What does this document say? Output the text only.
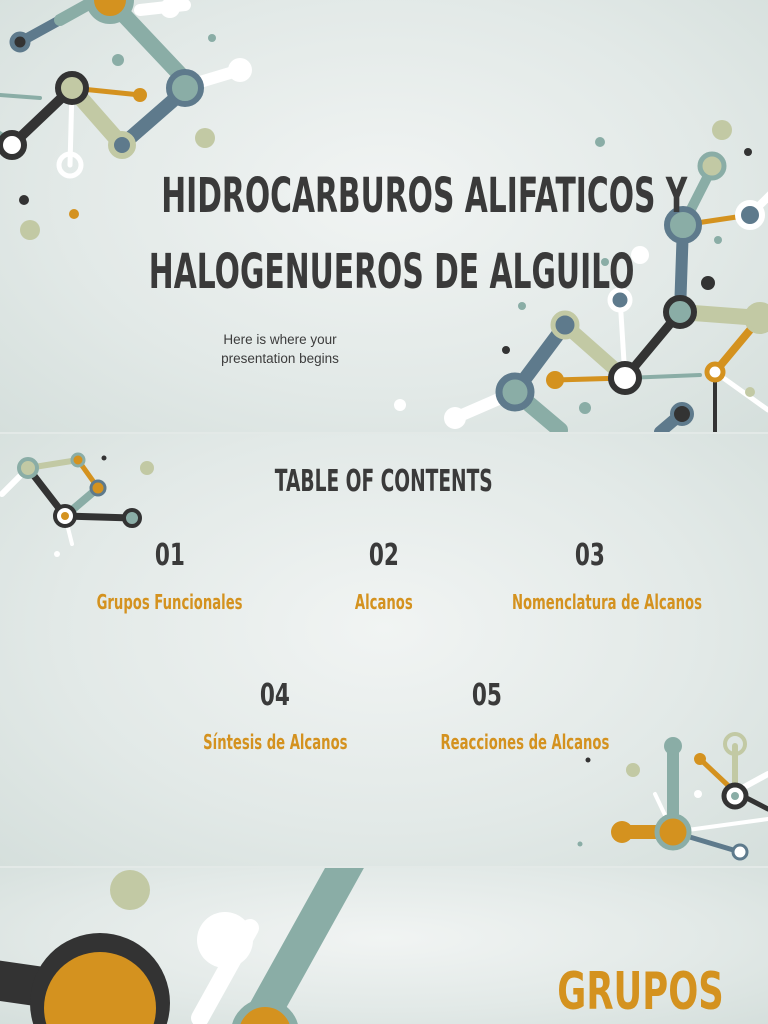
HIDROCARBUROS ALIFATICOS Y
HALOGENUEROS DE ALGUILO
Here is where your
presentation begins
TABLE OF CONTENTS
01
Grupos Funcionales
02
Alcanos
03
Nomenclatura de Alcanos
04
Síntesis de Alcanos
05
Reacciones de Alcanos
GRUPOS
